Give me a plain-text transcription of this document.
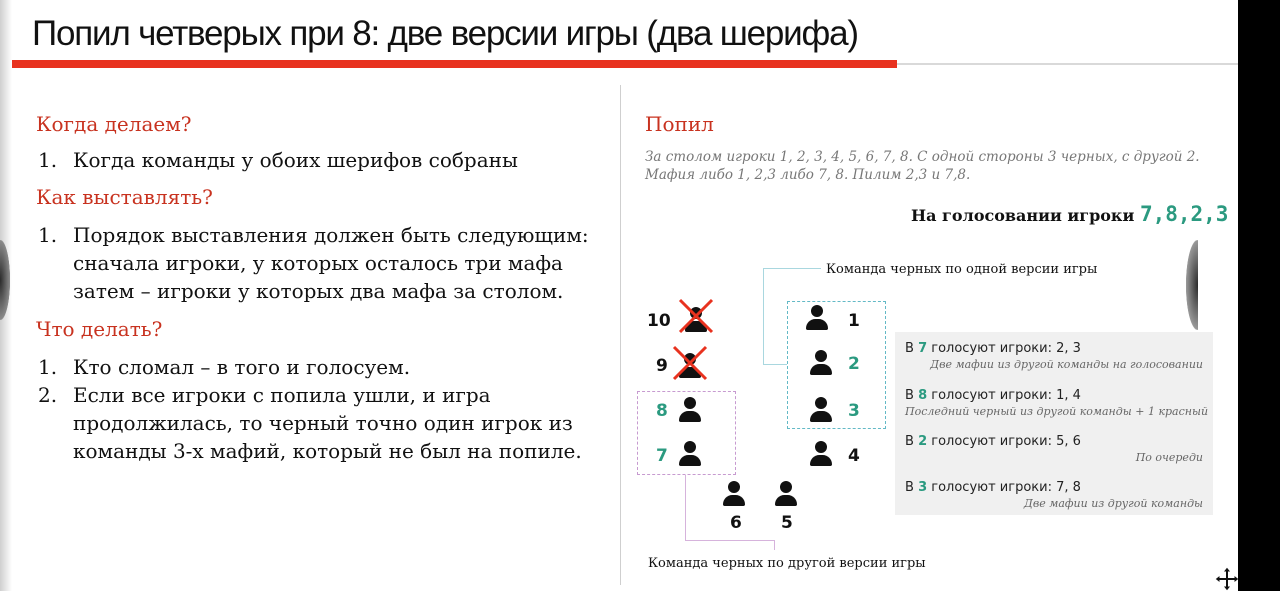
Попил четверых при 8: две версии игры (два шерифа)
Когда делаем?
1. Когда команды у обоих шерифов собраны
Как выставлять?
1. Порядок выставления должен быть следующим:
сначала игроки, у которых осталось три мафа
затем – игроки у которых два мафа за столом.
Что делать?
1. Кто сломал – в того и голосуем.
2. Если все игроки с попила ушли, и игра
продолжилась, то черный точно один игрок из
команды 3-х мафий, который не был на попиле.
Попил
За столом игроки 1, 2, 3, 4, 5, 6, 7, 8. С одной стороны 3 черных, с другой 2.
Мафия либо 1, 2,3 либо 7, 8. Пилим 2,3 и 7,8.
На голосовании игроки 7,8,2,3
Команда черных по одной версии игры
Команда черных по другой версии игры
10
9
8
7
6 5
4
3
2
1
В 7 голосуют игроки: 2, 3
Две мафии из другой команды на голосовании
В 8 голосуют игроки: 1, 4
Последний черный из другой команды + 1 красный
В 2 голосуют игроки: 5, 6
По очереди
В 3 голосуют игроки: 7, 8
Две мафии из другой команды
